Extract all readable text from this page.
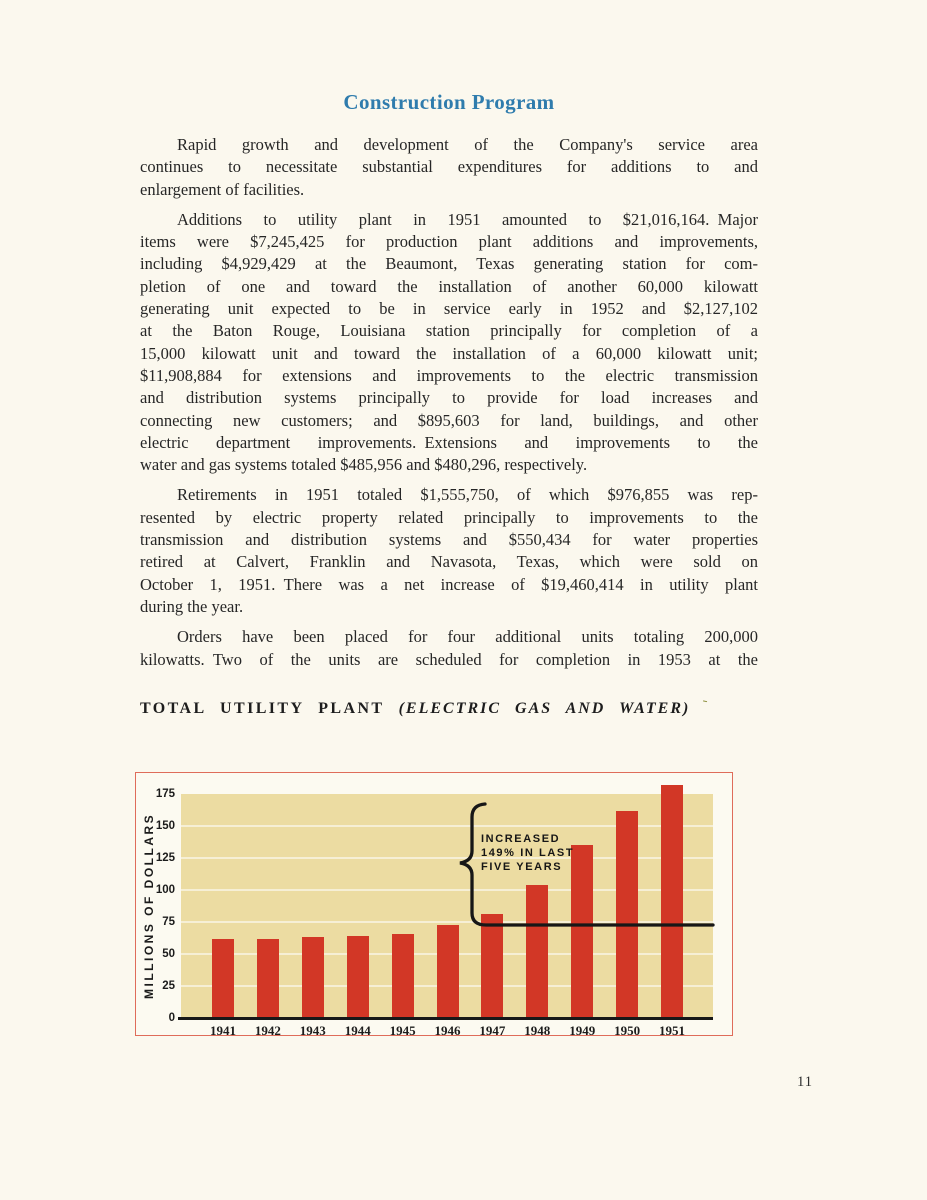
Construction Program
Rapid growth and development of the Company's service area
continues to necessitate substantial expenditures for additions to and
enlargement of facilities.
Additions to utility plant in 1951 amounted to $21,016,164. Major
items were $7,245,425 for production plant additions and improvements,
including $4,929,429 at the Beaumont, Texas generating station for com-
pletion of one and toward the installation of another 60,000 kilowatt
generating unit expected to be in service early in 1952 and $2,127,102
at the Baton Rouge, Louisiana station principally for completion of a
15,000 kilowatt unit and toward the installation of a 60,000 kilowatt unit;
$11,908,884 for extensions and improvements to the electric transmission
and distribution systems principally to provide for load increases and
connecting new customers; and $895,603 for land, buildings, and other
electric department improvements. Extensions and improvements to the
water and gas systems totaled $485,956 and $480,296, respectively.
Retirements in 1951 totaled $1,555,750, of which $976,855 was rep-
resented by electric property related principally to improvements to the
transmission and distribution systems and $550,434 for water properties
retired at Calvert, Franklin and Navasota, Texas, which were sold on
October 1, 1951. There was a net increase of $19,460,414 in utility plant
during the year.
Orders have been placed for four additional units totaling 200,000
kilowatts. Two of the units are scheduled for completion in 1953 at the
TOTAL UTILITY PLANT (ELECTRIC GAS AND WATER)
ˍ
MILLIONS OF DOLLARS	INCREASED
149% IN LAST
FIVE YEARS
0
25
50
75
100
125
150
175
1941	1942	1943	1944	1945	1946	1947	1948	1949	1950	1951
11
